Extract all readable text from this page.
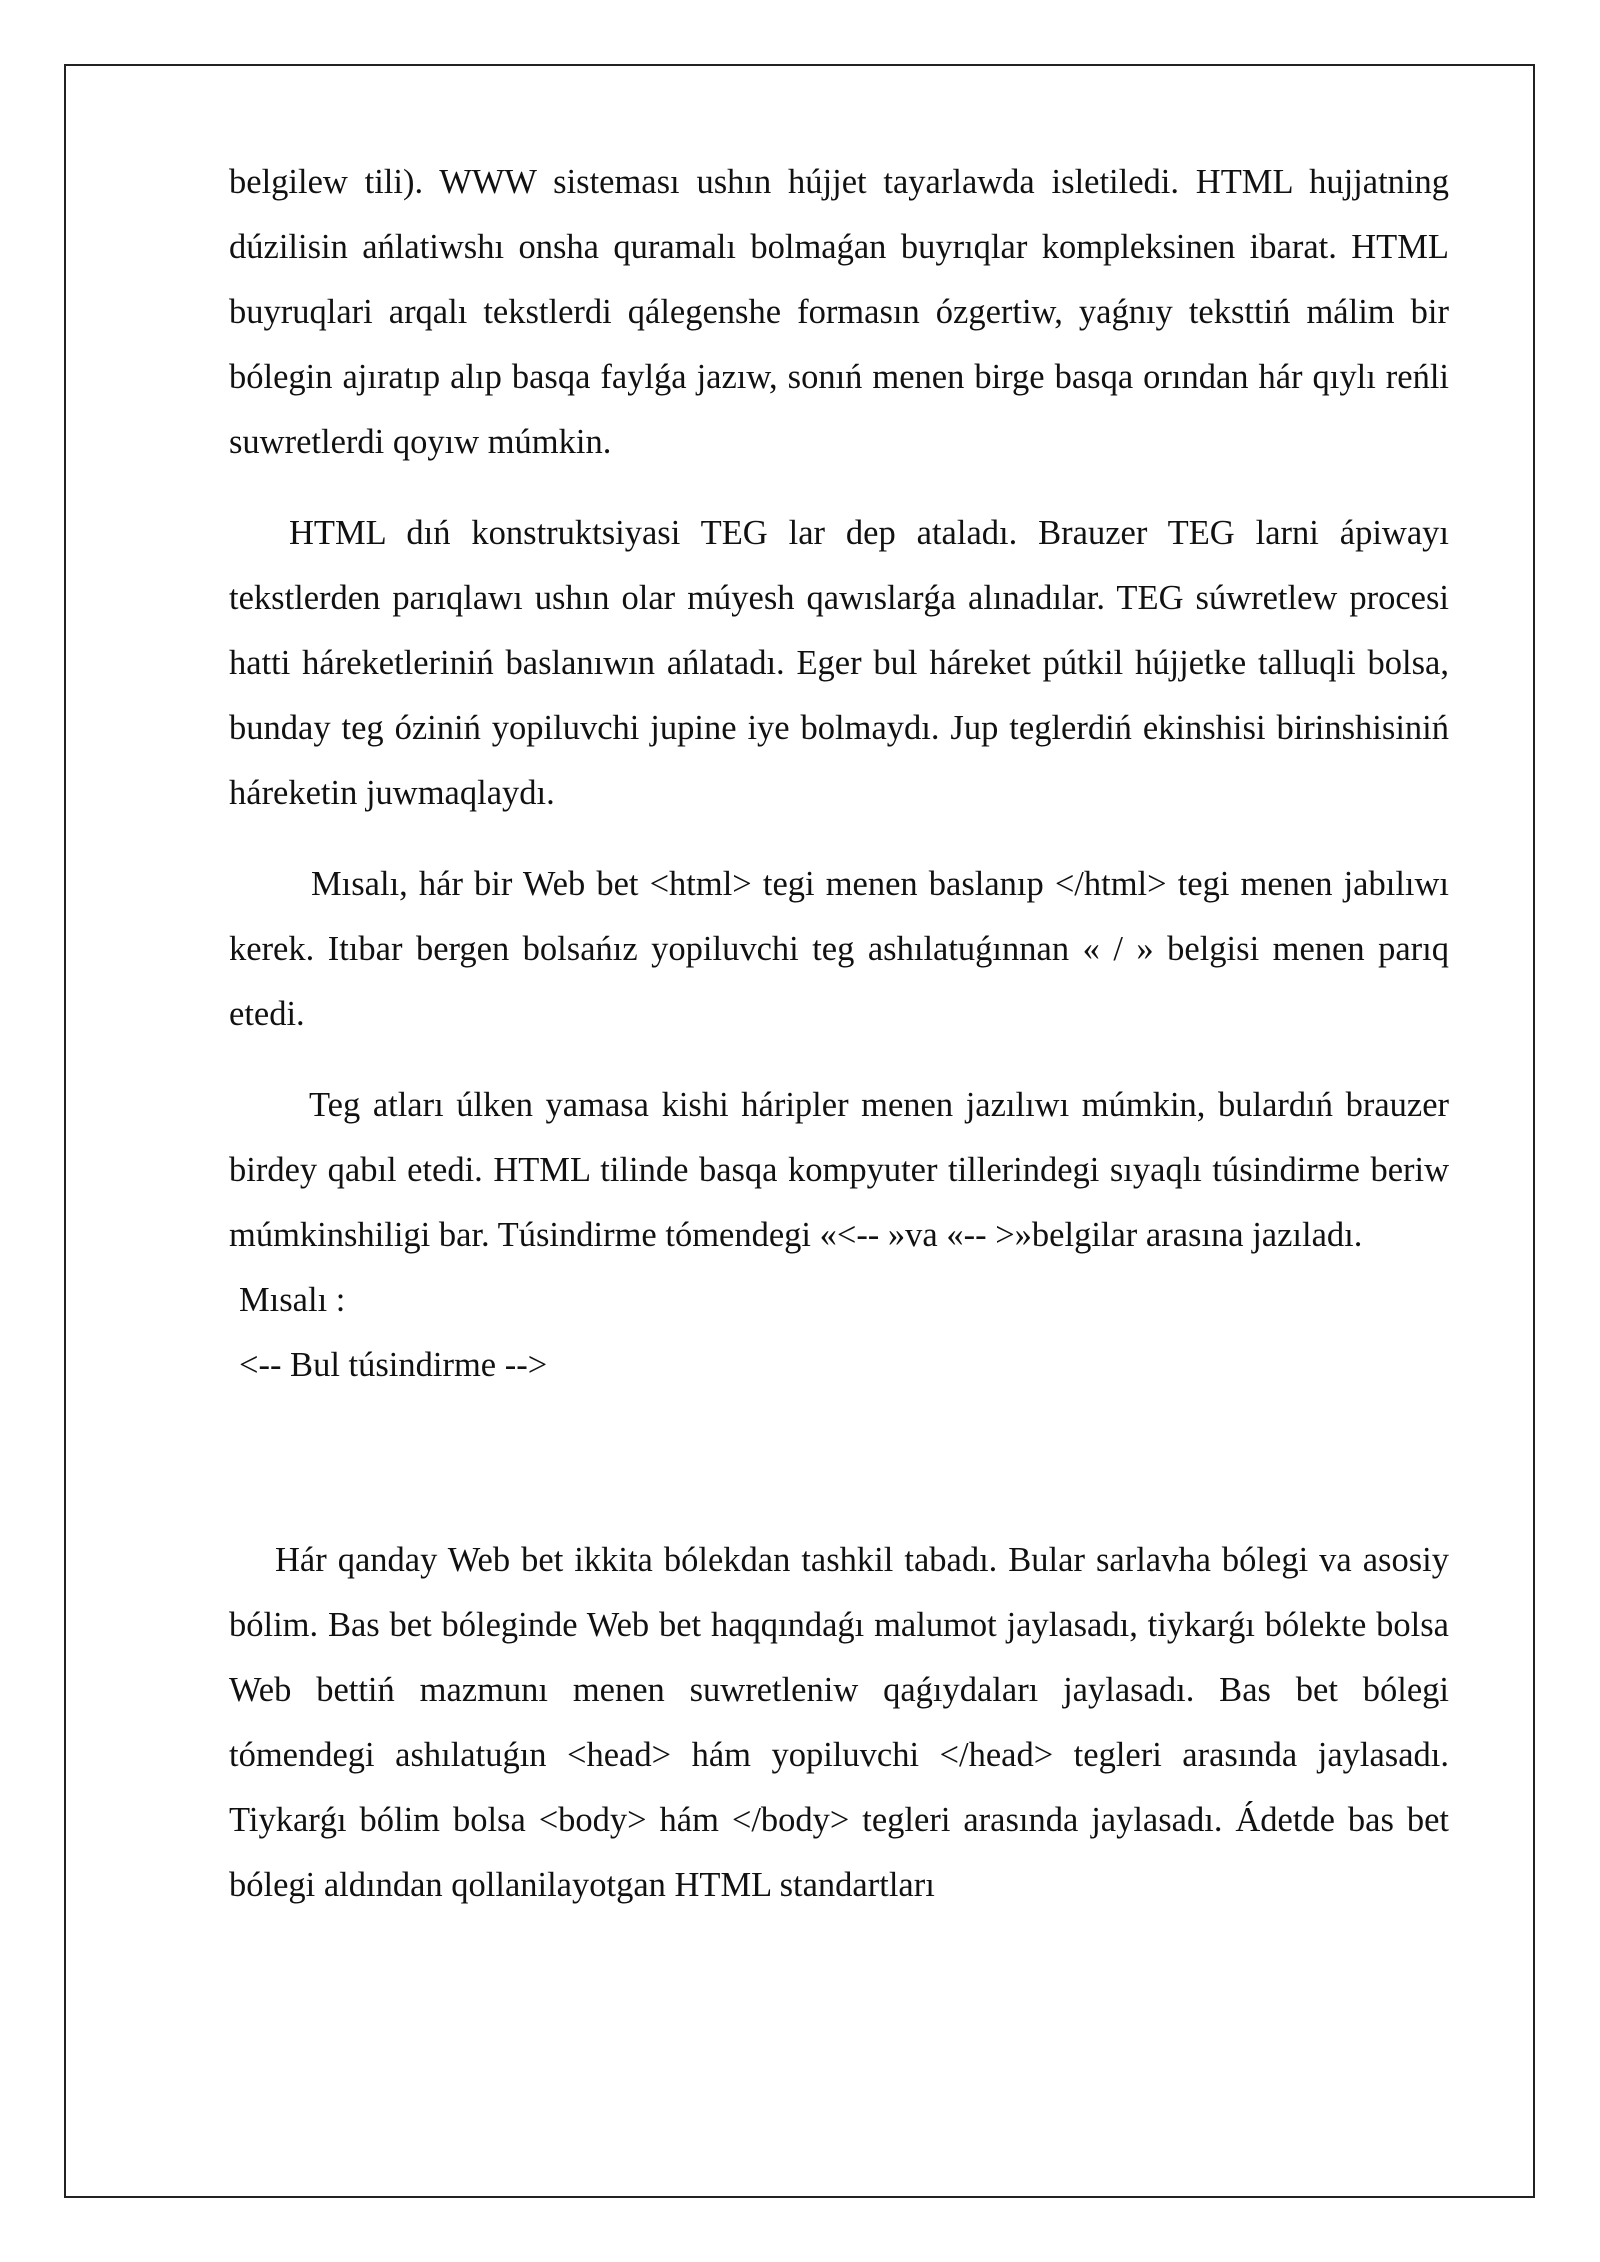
belgilew tili). WWW sisteması ushın hújjet tayarlawda isletiledi. HTML hujjatning dúzilisin ańlatiwshı onsha quramalı bolmaǵan buyrıqlar kompleksinen ibarat. HTML buyruqlari arqalı tekstlerdi qálegenshe formasın ózgertiw, yaǵnıy teksttiń málim bir bólegin ajıratıp alıp basqa faylǵa jazıw, sonıń menen birge basqa orından hár qıylı reńli suwretlerdi qoyıw múmkin.

HTML dıń konstruktsiyasi TEG lar dep ataladı. Brauzer TEG larni ápiwayı tekstlerden parıqlawı ushın olar múyesh qawıslarǵa alınadılar. TEG súwretlew procesi hatti háreketleriniń baslanıwın ańlatadı. Eger bul háreket pútkil hújjetke talluqli bolsa, bunday teg óziniń yopiluvchi jupine iye bolmaydı. Jup teglerdiń ekinshisi birinshisiniń háreketin juwmaqlaydı.

Mısalı, hár bir Web bet <html> tegi menen baslanıp </html> tegi menen jabılıwı kerek. Itıbar bergen bolsańız yopiluvchi teg ashılatuǵınnan « / » belgisi menen parıq etedi.

Teg atları úlken yamasa kishi háripler menen jazılıwı múmkin, bulardıń brauzer birdey qabıl etedi. HTML tilinde basqa kompyuter tillerindegi sıyaqlı túsindirme beriw múmkinshiligi bar. Túsindirme tómendegi «<-- »va «-- >»belgilar arasına jazıladı.

Mısalı :

<-- Bul túsindirme -->

Hár qanday Web bet ikkita bólekdan tashkil tabadı. Bular sarlavha bólegi va asosiy bólim. Bas bet bóleginde Web bet haqqındaǵı malumot jaylasadı, tiykarǵı bólekte bolsa Web bettiń mazmunı menen suwretleniw qaǵıydaları jaylasadı. Bas bet bólegi tómendegi ashılatuǵın <head> hám yopiluvchi </head> tegleri arasında jaylasadı. Tiykarǵı bólim bolsa <body> hám </body> tegleri arasında jaylasadı. Ádetde bas bet bólegi aldından qollanilayotgan HTML standartları
